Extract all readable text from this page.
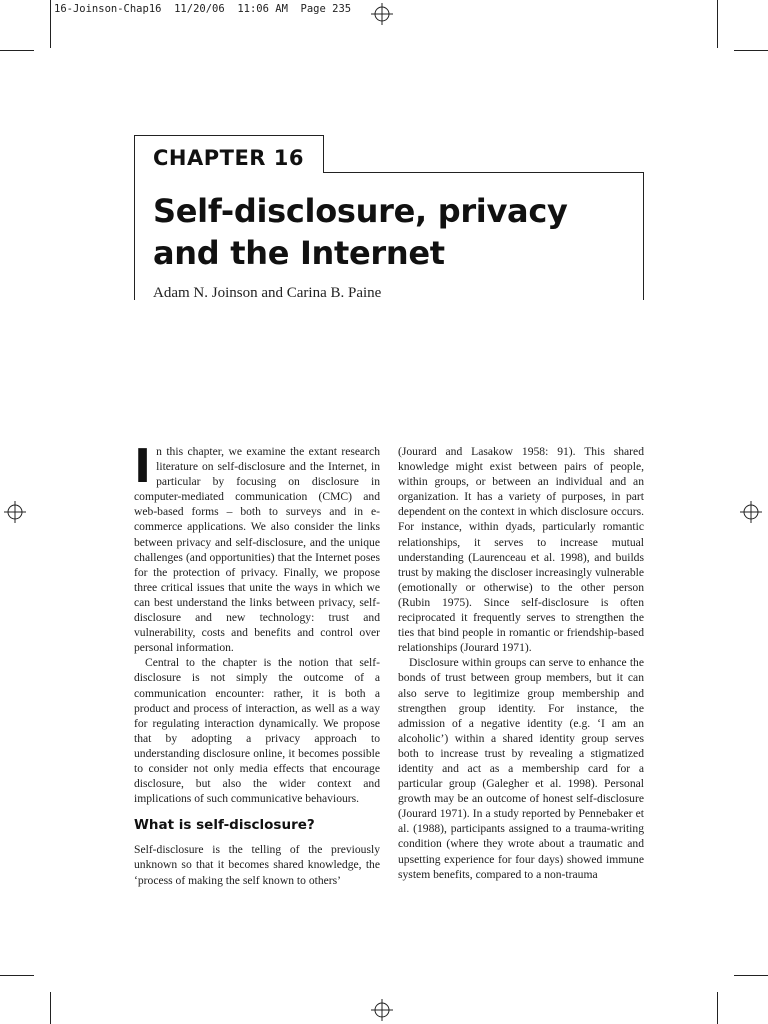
16-Joinson-Chap16  11/20/06  11:06 AM  Page 235
CHAPTER 16
Self-disclosure, privacy
and the Internet
Adam N. Joinson and Carina B. Paine

In this chapter, we examine the extant research literature on self-disclosure and the Internet, in particular by focusing on disclosure in computer-mediated communication (CMC) and web-based forms – both to surveys and in e-commerce applications. We also consider the links between privacy and self-disclosure, and the unique challenges (and opportunities) that the Internet poses for the protection of privacy. Finally, we propose three critical issues that unite the ways in which we can best understand the links between privacy, self-disclosure and new technology: trust and vulnerability, costs and benefits and control over personal information.

Central to the chapter is the notion that self-disclosure is not simply the outcome of a communication encounter: rather, it is both a product and process of interaction, as well as a way for regulating interaction dynamically. We propose that by adopting a privacy approach to understanding disclosure online, it becomes possible to consider not only media effects that encourage disclosure, but also the wider context and implications of such communicative behaviours.

What is self-disclosure?

Self-disclosure is the telling of the previously unknown so that it becomes shared knowledge, the ‘process of making the self known to others’

(Jourard and Lasakow 1958: 91). This shared knowledge might exist between pairs of people, within groups, or between an individual and an organization. It has a variety of purposes, in part dependent on the context in which disclosure occurs. For instance, within dyads, particularly romantic relationships, it serves to increase mutual understanding (Laurenceau et al. 1998), and builds trust by making the discloser increasingly vulnerable (emotionally or otherwise) to the other person (Rubin 1975). Since self-disclosure is often reciprocated it frequently serves to strengthen the ties that bind people in romantic or friendship-based relationships (Jourard 1971).

Disclosure within groups can serve to enhance the bonds of trust between group members, but it can also serve to legitimize group membership and strengthen group identity. For instance, the admission of a negative identity (e.g. ‘I am an alcoholic’) within a shared identity group serves both to increase trust by revealing a stigmatized identity and act as a membership card for a particular group (Galegher et al. 1998). Personal growth may be an outcome of honest self-disclosure (Jourard 1971). In a study reported by Pennebaker et al. (1988), participants assigned to a trauma-writing condition (where they wrote about a traumatic and upsetting experience for four days) showed immune system benefits, compared to a non-trauma
